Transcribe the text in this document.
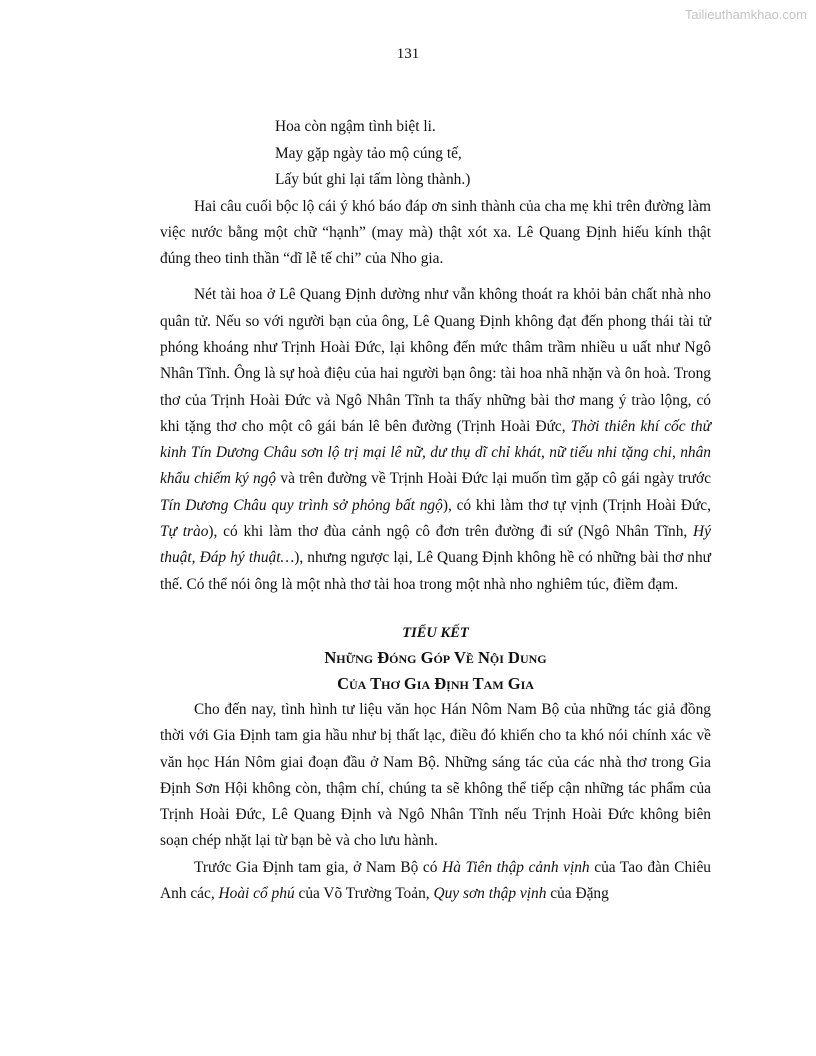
Tailieuthamkhao.com
131
Hoa còn ngậm tình biệt li.
May gặp ngày tảo mộ cúng tế,
Lấy bút ghi lại tấm lòng thành.)

Hai câu cuối bộc lộ cái ý khó báo đáp ơn sinh thành của cha mẹ khi trên đường làm việc nước bằng một chữ “hạnh” (may mà) thật xót xa. Lê Quang Định hiếu kính thật đúng theo tinh thần “dĩ lễ tế chi” của Nho gia.

Nét tài hoa ở Lê Quang Định dường như vẫn không thoát ra khỏi bản chất nhà nho quân tử. Nếu so với người bạn của ông, Lê Quang Định không đạt đến phong thái tài tử phóng khoáng như Trịnh Hoài Đức, lại không đến mức thâm trầm nhiều u uất như Ngô Nhân Tĩnh. Ông là sự hoà điệu của hai người bạn ông: tài hoa nhã nhặn và ôn hoà. Trong thơ của Trịnh Hoài Đức và Ngô Nhân Tĩnh ta thấy những bài thơ mang ý trào lộng, có khi tặng thơ cho một cô gái bán lê bên đường (Trịnh Hoài Đức, Thời thiên khí cốc thử kinh Tín Dương Châu sơn lộ trị mại lê nữ, dư thụ dĩ chỉ khát, nữ tiếu nhi tặng chi, nhân khẩu chiếm ký ngộ và trên đường về Trịnh Hoài Đức lại muốn tìm gặp cô gái ngày trước Tín Dương Châu quy trình sở phỏng bất ngộ), có khi làm thơ tự vịnh (Trịnh Hoài Đức, Tự trào), có khi làm thơ đùa cảnh ngộ cô đơn trên đường đi sứ (Ngô Nhân Tĩnh, Hý thuật, Đáp hý thuật…), nhưng ngược lại, Lê Quang Định không hề có những bài thơ như thế. Có thể nói ông là một nhà thơ tài hoa trong một nhà nho nghiêm túc, điềm đạm.

TIỂU KẾT
Những Đóng Góp Về Nội Dung
Của Thơ Gia Định Tam Gia

Cho đến nay, tình hình tư liệu văn học Hán Nôm Nam Bộ của những tác giả đồng thời với Gia Định tam gia hầu như bị thất lạc, điều đó khiến cho ta khó nói chính xác về văn học Hán Nôm giai đoạn đầu ở Nam Bộ. Những sáng tác của các nhà thơ trong Gia Định Sơn Hội không còn, thậm chí, chúng ta sẽ không thể tiếp cận những tác phẩm của Trịnh Hoài Đức, Lê Quang Định và Ngô Nhân Tĩnh nếu Trịnh Hoài Đức không biên soạn chép nhặt lại từ bạn bè và cho lưu hành.

Trước Gia Định tam gia, ở Nam Bộ có Hà Tiên thập cảnh vịnh của Tao đàn Chiêu Anh các, Hoài cổ phú của Võ Trường Toản, Quy sơn thập vịnh của Đặng
